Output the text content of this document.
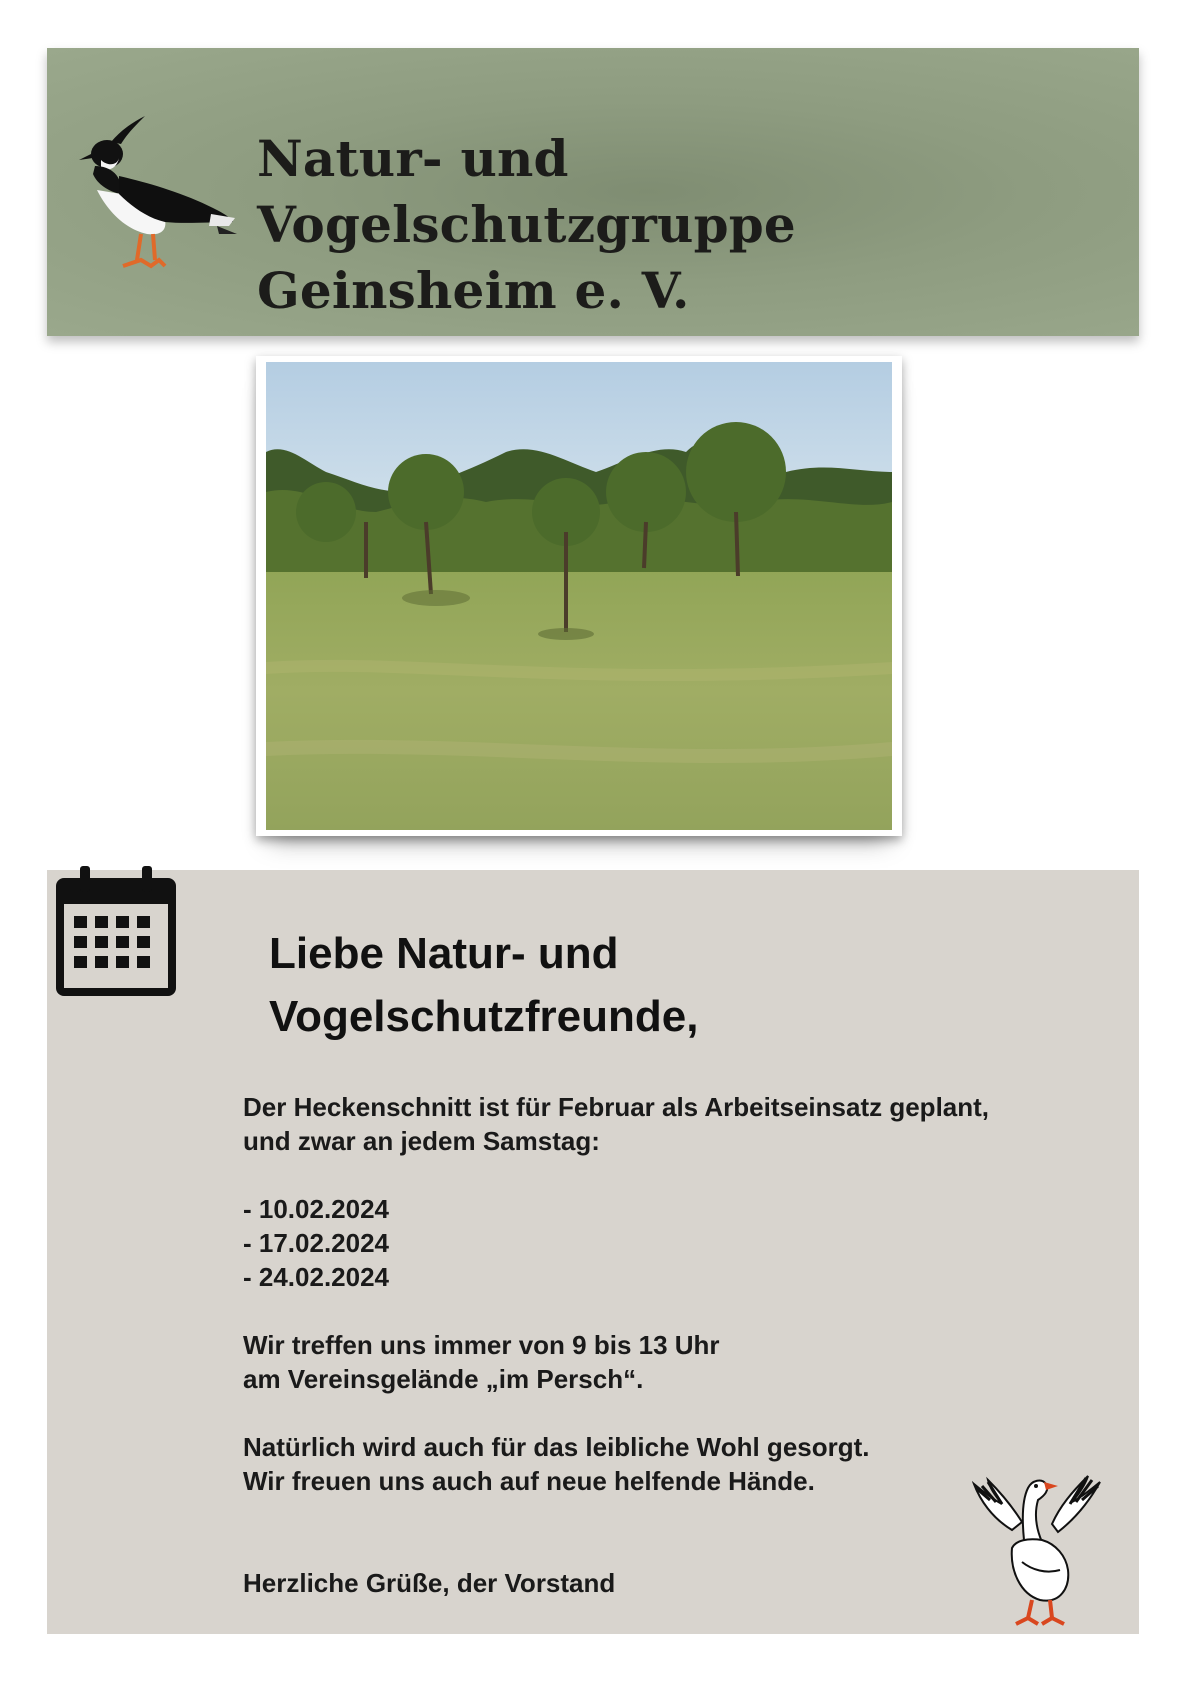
Natur- und Vogelschutzgruppe
Geinsheim e. V.
Liebe Natur- und
Vogelschutzfreunde,

Der Heckenschnitt ist für Februar als Arbeitseinsatz geplant,

und zwar an jedem Samstag:

- 10.02.2024

- 17.02.2024

- 24.02.2024

Wir treffen uns immer von 9 bis 13 Uhr

am Vereinsgelände „im Persch“.

Natürlich wird auch für das leibliche Wohl gesorgt.

Wir freuen uns auch auf neue helfende Hände.

Herzliche Grüße, der Vorstand
